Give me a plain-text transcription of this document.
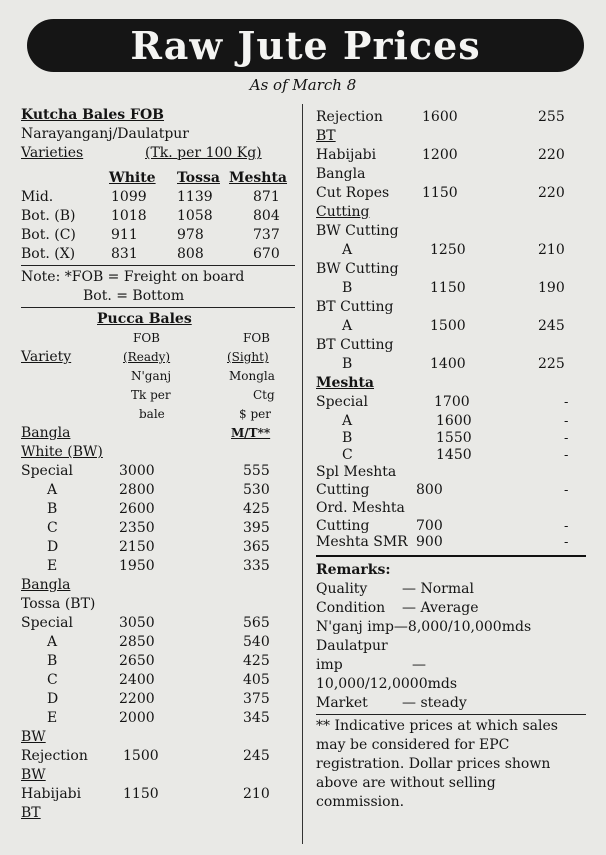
Raw Jute Prices
As of March 8
Kutcha Bales FOB
Narayanganj/Daulatpur
Varieties	(Tk. per 100 Kg)
White Tossa Meshta
Mid.	1099 1139	871
Bot. (B)	1018 1058	804
Bot. (C)	911	978	737
Bot. (X)	831	808	670
Note: *FOB = Freight on board
Bot. = Bottom
Pucca Bales
FOB	FOB
Variety	(Ready)	(Sight)
N'ganj	Mongla
Tk per	Ctg
bale	$ per
Bangla	M/T**
White (BW)
Special	3000	555
A	2800	530
B	2600	425
C	2350	395
D	2150	365
E	1950	335
Bangla
Tossa (BT)
Special	3050	565
A	2850	540
B	2650	425
C	2400	405
D	2200	375
E	2000	345
BW
Rejection	1500	245
BW
Habijabi	1150	210
BT
Rejection	1600	255
BT
Habijabi	1200	220
Bangla
Cut Ropes 1150	220
Cutting
BW Cutting
A	1250	210
BW Cutting
B	1150	190
BT Cutting
A	1500	245
BT Cutting
B	1400	225
Meshta
Special	1700	-
A	1600	-
B	1550	-
C	1450	-
Spl Meshta
Cutting	800	-
Ord. Meshta
Cutting	700	-
Meshta SMR 900	-
Remarks:
Quality — Normal
Condition — Average
N'ganj imp—8,000/10,000mds
Daulatpur
imp	—
10,000/12,0000mds
Market — steady
** Indicative prices at which sales may be considered for EPC registration. Dollar prices shown above are without selling commission.
